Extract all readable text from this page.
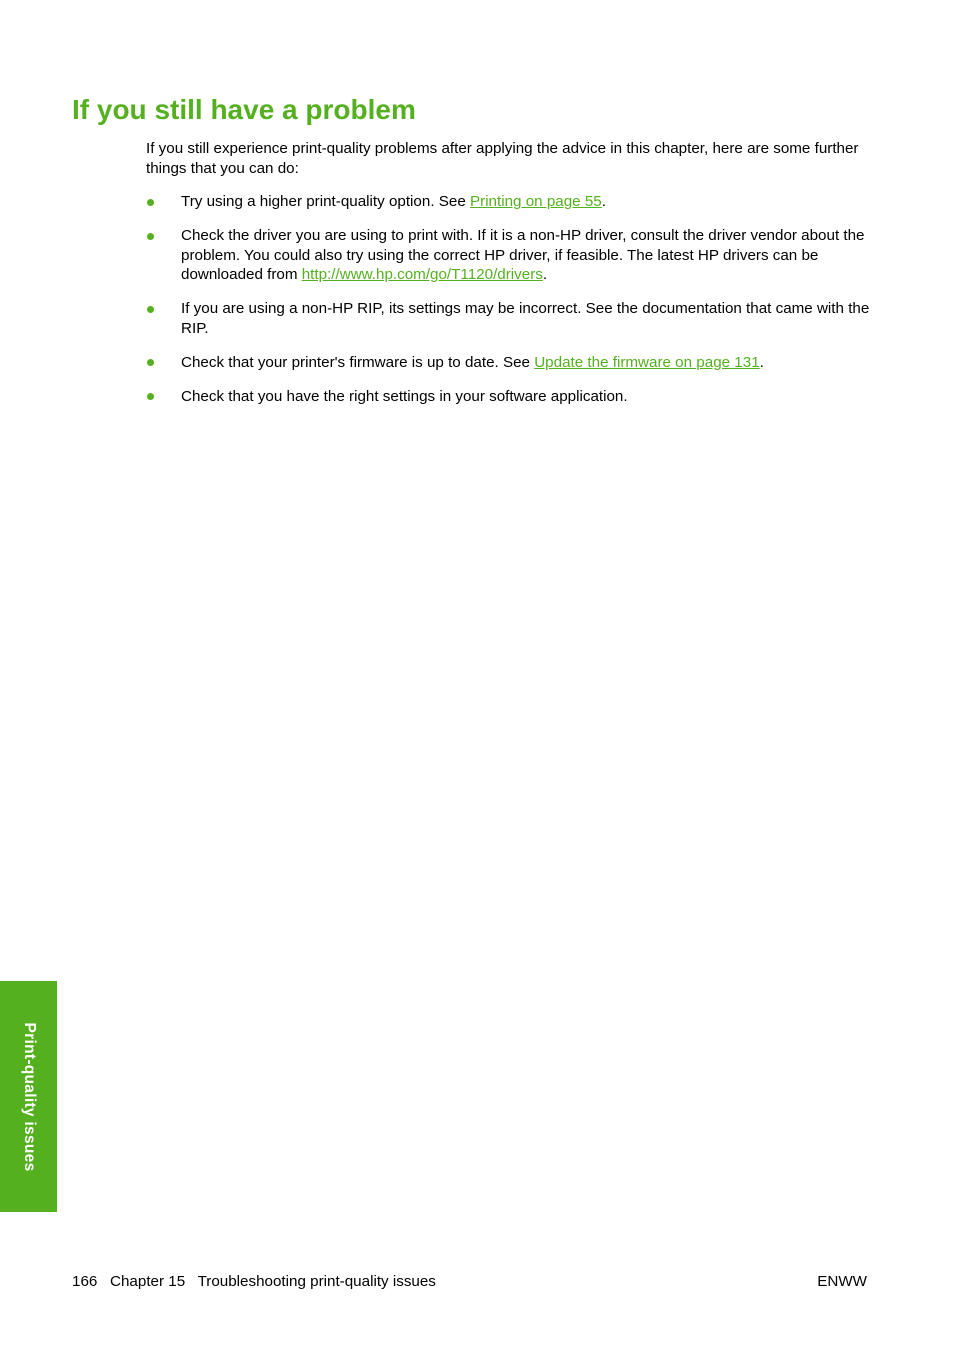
If you still have a problem

If you still experience print-quality problems after applying the advice in this chapter, here are some further things that you can do:

Try using a higher print-quality option. See Printing on page 55.
Check the driver you are using to print with. If it is a non-HP driver, consult the driver vendor about the problem. You could also try using the correct HP driver, if feasible. The latest HP drivers can be downloaded from http://www.hp.com/go/T1120/drivers.
If you are using a non-HP RIP, its settings may be incorrect. See the documentation that came with the RIP.
Check that your printer's firmware is up to date. See Update the firmware on page 131.
Check that you have the right settings in your software application.
Print-quality issues
166 Chapter 15 Troubleshooting print-quality issues	ENWW
